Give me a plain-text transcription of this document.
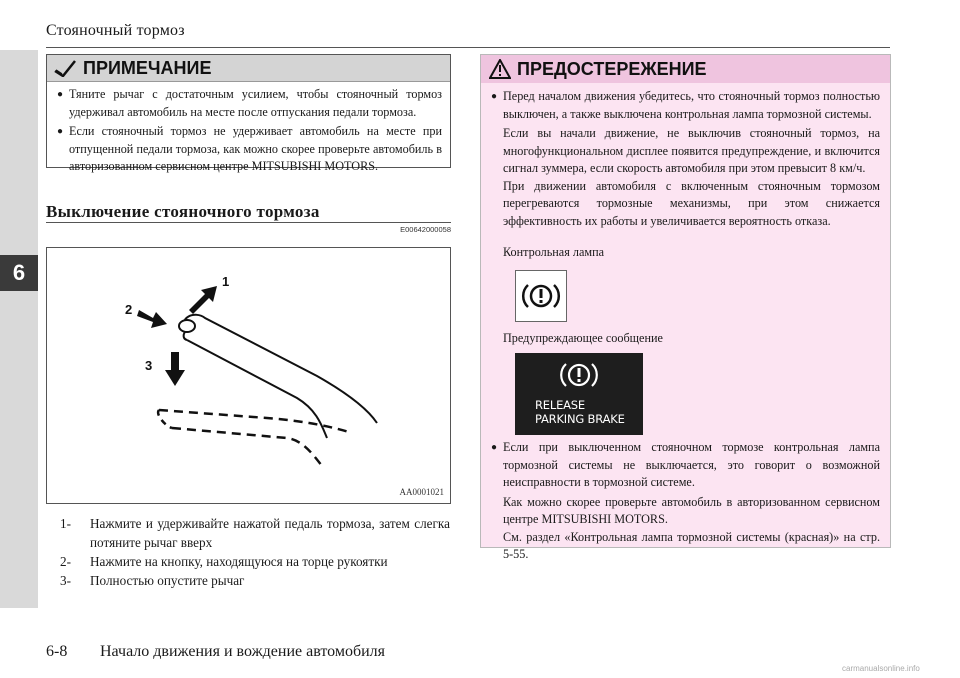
6
Стояночный тормоз
ПРИМЕЧАНИЕ
● Тяните рычаг с достаточным усилием, чтобы стояночный тормоз удерживал автомобиль на месте после отпускания педали тормоза.
● Если стояночный тормоз не удерживает автомобиль на месте при отпущенной педали тормоза, как можно скорее проверьте автомобиль в авторизованном сервисном центре MITSUBISHI MOTORS.
Выключение стояночного тормоза
E00642000058
1
2
3
AA0001021
1-	Нажмите и удерживайте нажатой педаль тормоза, затем слегка потяните рычаг вверх
2-	Нажмите на кнопку, находящуюся на торце рукоятки
3-	Полностью опустите рычаг
ПРЕДОСТЕРЕЖЕНИЕ
● Перед началом движения убедитесь, что стояночный тормоз полностью выключен, а также выключена контрольная лампа тормозной системы.
Если вы начали движение, не выключив стояночный тормоз, на многофункциональном дисплее появится предупреждение, и включится сигнал зуммера, если скорость автомобиля при этом превысит 8 км/ч.
При движении автомобиля с включенным стояночным тормозом перегреваются тормозные механизмы, при этом снижается эффективность их работы и увеличивается вероятность отказа.
Контрольная лампа
Предупреждающее сообщение
RELEASE
PARKING BRAKE
● Если при выключенном стояночном тормозе контрольная лампа тормозной системы не выключается, это говорит о возможной неисправности в тормозной системе.
Как можно скорее проверьте автомобиль в авторизованном сервисном центре MITSUBISHI MOTORS.
См. раздел «Контрольная лампа тормозной системы (красная)» на стр. 5-55.
6-8 Начало движения и вождение автомобиля
carmanualsonline.info
